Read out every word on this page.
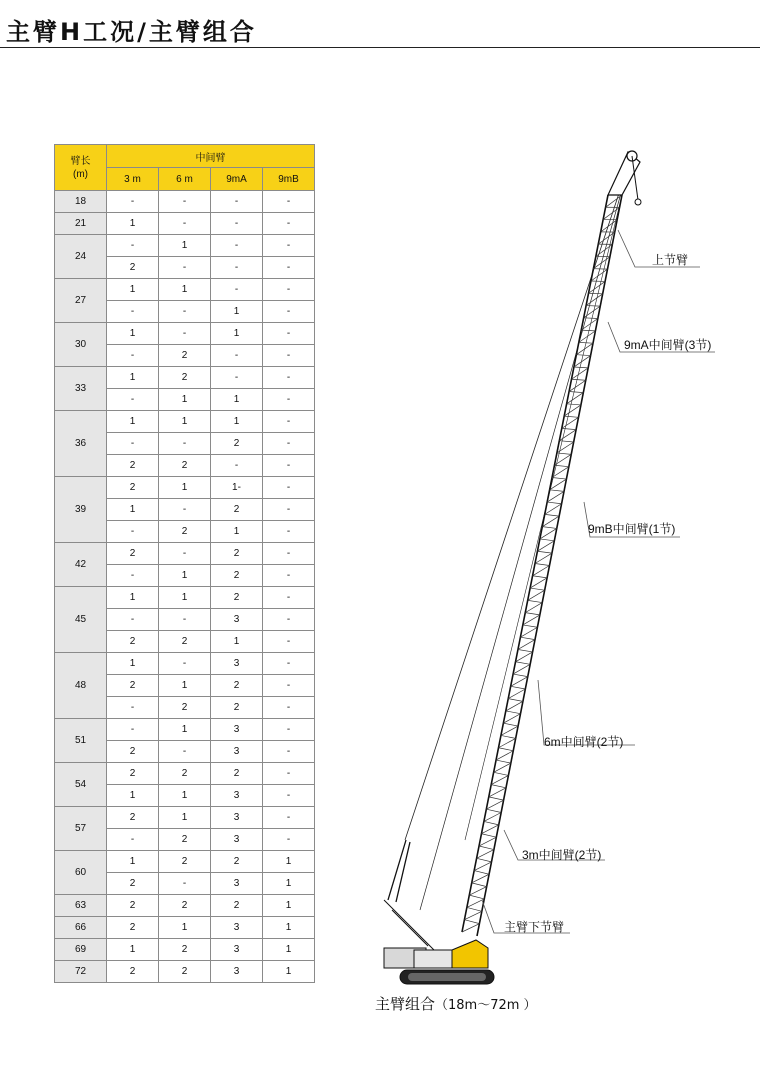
主臂H工况/主臂组合
臂长
(m)	中间臂			
	3 m	6 m	9mA	9mB
18	-	-	-	-
21	1	-	-	-
24	-	1	-	-
	2	-	-	-
27	1	1	-	-
	-	-	1	-
30	1	-	1	-
	-	2	-	-
33	1	2	-	-
	-	1	1	-
36	1	1	1	-
	-	-	2	-
	2	2	-	-
39	2	1	1-	-
	1	-	2	-
	-	2	1	-
42	2	-	2	-
	-	1	2	-
45	1	1	2	-
	-	-	3	-
	2	2	1	-
48	1	-	3	-
	2	1	2	-
	-	2	2	-
51	-	1	3	-
	2	-	3	-
54	2	2	2	-
	1	1	3	-
57	2	1	3	-
	-	2	3	-
60	1	2	2	1
	2	-	3	1
63	2	2	2	1
66	2	1	3	1
69	1	2	3	1
72	2	2	3	1
上节臂
9mA中间臂(3节)
9mB中间臂(1节)
6m中间臂(2节)
3m中间臂(2节)
主臂下节臂
主臂组合（18m～72m ）
